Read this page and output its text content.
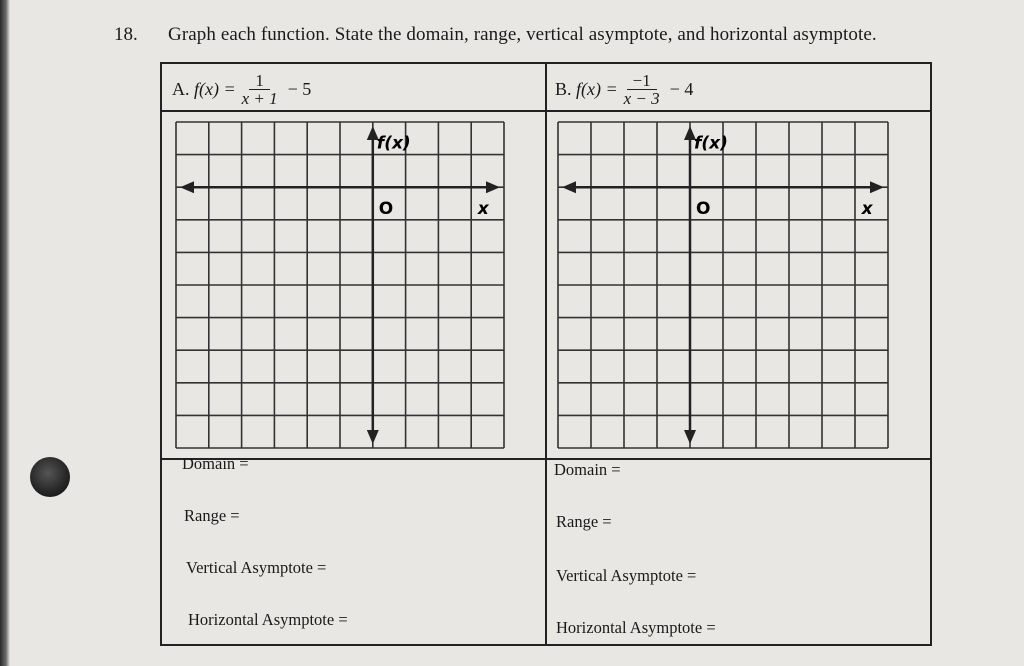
18. Graph each function. State the domain, range, vertical asymptote, and horizontal asymptote.
A.
$f(x) = \frac{1}{x + 1} - 5$	B.
$f(x) = \frac{-1}{x - 3} - 4$
f(x)
x
O
f(x)
x
O
Domain =
Range =
Vertical Asymptote =
Horizontal Asymptote =
Domain =
Range =
Vertical Asymptote =
Horizontal Asymptote =
